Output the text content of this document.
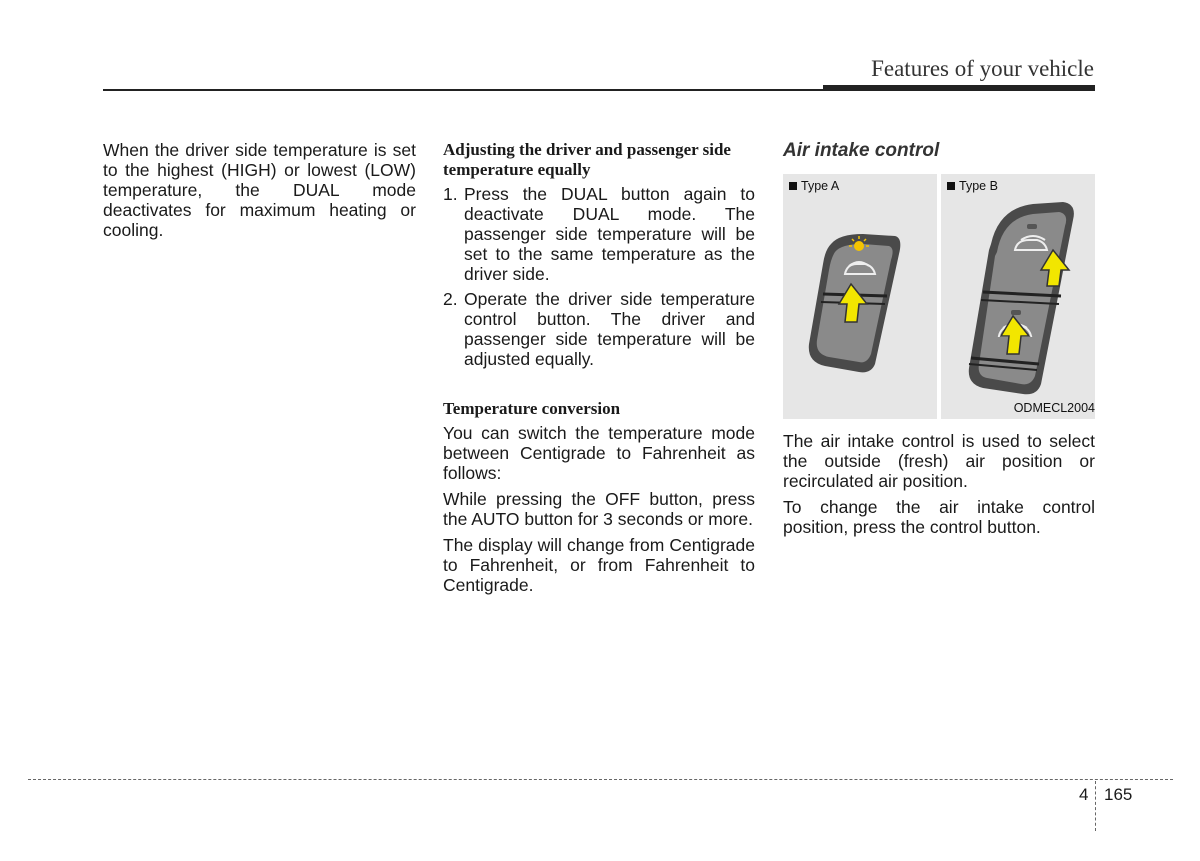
Features of your vehicle

When the driver side temperature is set to the highest (HIGH) or lowest (LOW) temperature, the DUAL mode deactivates for maximum heating or cooling.

Adjusting the driver and passenger side temperature equally
1. Press the DUAL button again to deactivate DUAL mode. The passenger side temperature will be set to the same temperature as the driver side.
2. Operate the driver side temperature control button. The driver and passenger side temperature will be adjusted equally.
Temperature conversion

You can switch the temperature mode between Centigrade to Fahrenheit as follows:

While pressing the OFF button, press the AUTO button for 3 seconds or more.

The display will change from Centigrade to Fahrenheit, or from Fahrenheit to Centigrade.

Air intake control
Type A	Type B
ODMECL2004

The air intake control is used to select the outside (fresh) air position or recirculated air position.

To change the air intake control position, press the control button.

4 165
